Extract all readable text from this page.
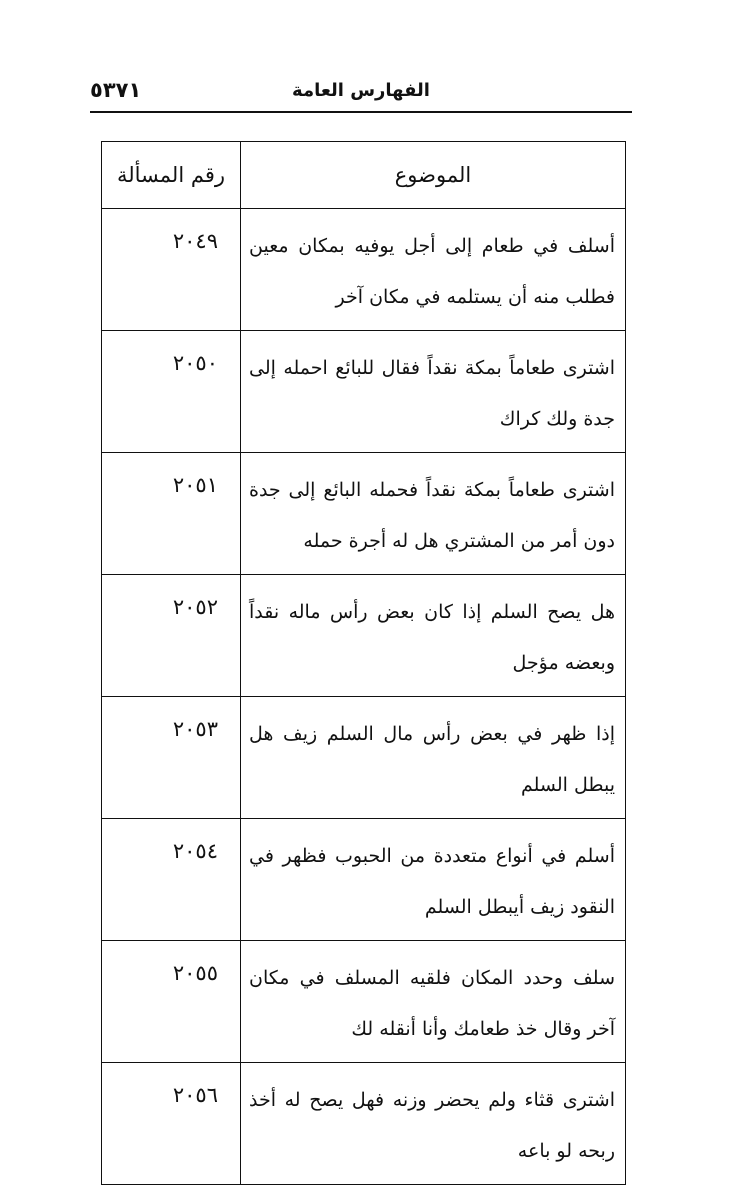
الفهارس العامة
٥٣٧١
الموضوع	رقم المسألة
أسلف في طعام إلى أجل يوفيه بمكان معين فطلب منه أن يستلمه في مكان آخر	٢٠٤٩
اشترى طعاماً بمكة نقداً فقال للبائع احمله إلى جدة ولك كراك	٢٠٥٠
اشترى طعاماً بمكة نقداً فحمله البائع إلى جدة دون أمر من المشتري هل له أجرة حمله	٢٠٥١
هل يصح السلم إذا كان بعض رأس ماله نقداً وبعضه مؤجل	٢٠٥٢
إذا ظهر في بعض رأس مال السلم زيف هل يبطل السلم	٢٠٥٣
أسلم في أنواع متعددة من الحبوب فظهر في النقود زيف أيبطل السلم	٢٠٥٤
سلف وحدد المكان فلقيه المسلف في مكان آخر وقال خذ طعامك وأنا أنقله لك	٢٠٥٥
اشترى قثاء ولم يحضر وزنه فهل يصح له أخذ ربحه لو باعه	٢٠٥٦
